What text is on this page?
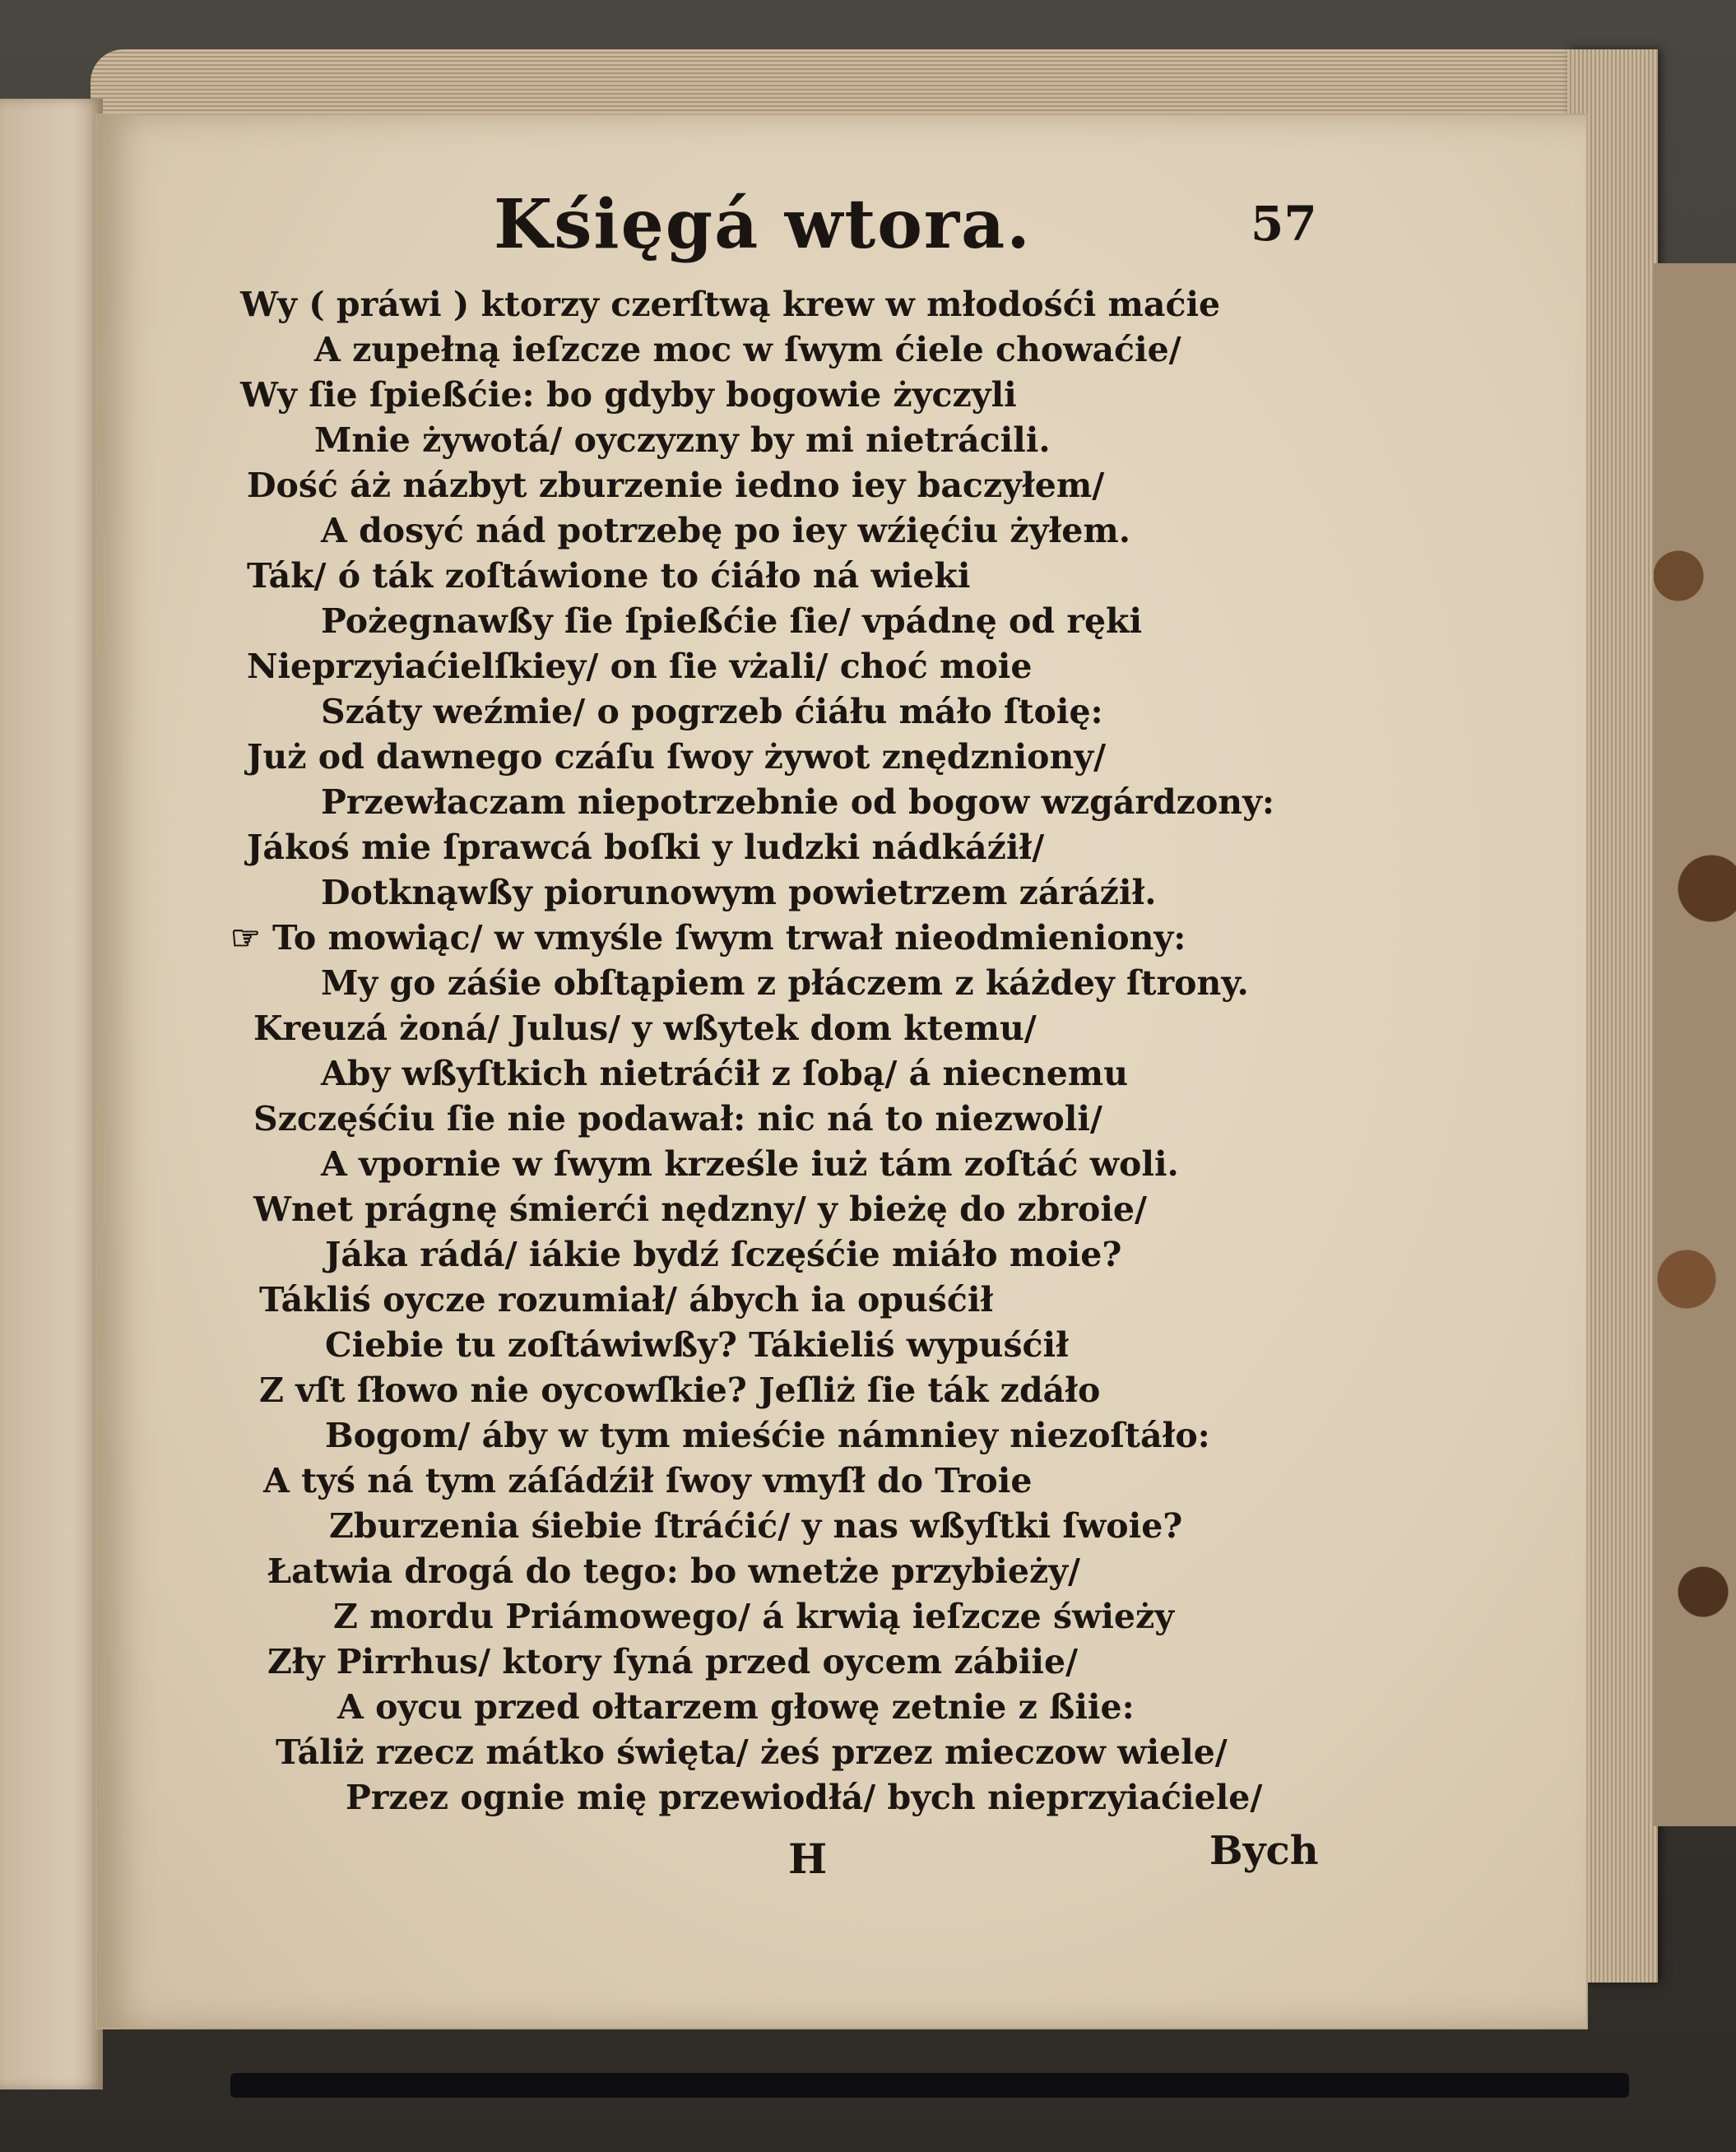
Kśięgá wtora.	57
Wy ( práwi ) ktorzy czerſtwą krew w młodośći maćie
A zupełną ieſzcze moc w ſwym ćiele chowaćie/
Wy ſie ſpießćie: bo gdyby bogowie życzyli
Mnie żywotá/ oyczyzny by mi nietrácili.
Dość áż názbyt zburzenie iedno iey baczyłem/
A dosyć nád potrzebę po iey wźięćiu żyłem.
Ták/ ó ták zoſtáwione to ćiáło ná wieki
Pożegnawßy ſie ſpießćie ſie/ vpádnę od ręki
Nieprzyiaćielſkiey/ on ſie vżali/ choć moie
Száty weźmie/ o pogrzeb ćiáłu máło ſtoię:
Już od dawnego czáſu ſwoy żywot znędzniony/
Przewłaczam niepotrzebnie od bogow wzgárdzony:
Jákoś mie ſprawcá boſki y ludzki nádkáźił/
Dotknąwßy piorunowym powietrzem záráźił.
☞ To mowiąc/ w vmyśle ſwym trwał nieodmieniony:
My go záśie obſtąpiem z płáczem z káżdey ſtrony.
Kreuzá żoná/ Julus/ y wßytek dom ktemu/
Aby wßyſtkich nietráćił z ſobą/ á niecnemu
Szczęśćiu ſie nie podawał: nic ná to niezwoli/
A vpornie w ſwym krześle iuż tám zoſtáć woli.
Wnet prágnę śmierći nędzny/ y bieżę do zbroie/
Jáka rádá/ iákie bydź ſczęśćie miáło moie?
Tákliś oycze rozumiał/ ábych ia opuśćił
Ciebie tu zoſtáwiwßy? Tákieliś wypuśćił
Z vſt ſłowo nie oycowſkie? Jeſliż ſie ták zdáło
Bogom/ áby w tym mieśćie námniey niezoſtáło:
A tyś ná tym záſádźił ſwoy vmyſł do Troie
Zburzenia śiebie ſtráćić/ y nas wßyſtki ſwoie?
Łatwia drogá do tego: bo wnetże przybieży/
Z mordu Priámowego/ á krwią ieſzcze świeży
Zły Pirrhus/ ktory ſyná przed oycem zábiie/
A oycu przed ołtarzem głowę zetnie z ßiie:
Táliż rzecz mátko święta/ żeś przez mieczow wiele/
Przez ognie mię przewiodłá/ bych nieprzyiaćiele/
H	Bych
